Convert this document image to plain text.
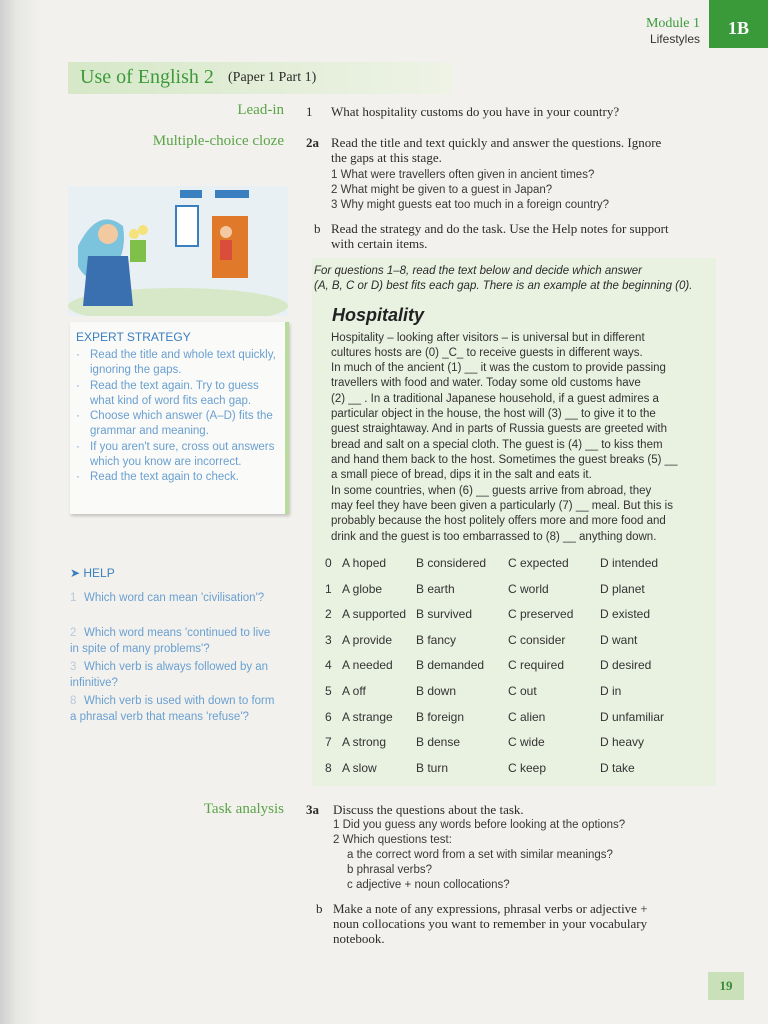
Module 1
Lifestyles
1B
Use of English 2 (Paper 1 Part 1)
Lead-in 1 What hospitality customs do you have in your country?
Multiple-choice cloze 2a Read the title and text quickly and answer the questions. Ignore
the gaps at this stage.
1 What were travellers often given in ancient times?
2 What might be given to a guest in Japan?
3 Why might guests eat too much in a foreign country?
b Read the strategy and do the task. Use the Help notes for support
with certain items.
EXPERT STRATEGY
· Read the title and whole text quickly, ignoring the gaps.
· Read the text again. Try to guess what kind of word fits each gap.
· Choose which answer (A–D) fits the grammar and meaning.
· If you aren't sure, cross out answers which you know are incorrect.
· Read the text again to check.
➤ HELP
1 Which word can mean 'civilisation'?
2 Which word means 'continued to live in spite of many problems'?
3 Which verb is always followed by an infinitive?
8 Which verb is used with down to form a phrasal verb that means 'refuse'?
For questions 1–8, read the text below and decide which answer
(A, B, C or D) best fits each gap. There is an example at the beginning (0).
Hospitality
Hospitality – looking after visitors – is universal but in different
cultures hosts are (0) _C_ to receive guests in different ways.
In much of the ancient (1) __ it was the custom to provide passing
travellers with food and water. Today some old customs have
(2) __ . In a traditional Japanese household, if a guest admires a
particular object in the house, the host will (3) __ to give it to the
guest straightaway. And in parts of Russia guests are greeted with
bread and salt on a special cloth. The guest is (4) __ to kiss them
and hand them back to the host. Sometimes the guest breaks (5) __
a small piece of bread, dips it in the salt and eats it.
In some countries, when (6) __ guests arrive from abroad, they
may feel they have been given a particularly (7) __ meal. But this is
probably because the host politely offers more and more food and
drink and the guest is too embarrassed to (8) __ anything down.
0 A hoped B considered C expected	D intended
1 A globe	B earth	C world	D planet
2 A supported B survived	C preserved D existed
3 A provide B fancy	C consider	D want
4 A needed B demanded C required	D desired
5 A off	B down	C out	D in
6 A strange B foreign	C alien	D unfamiliar
7 A strong B dense	C wide	D heavy
8 A slow	B turn	C keep	D take
Task analysis 3a Discuss the questions about the task.
1 Did you guess any words before looking at the options?
2 Which questions test:
a the correct word from a set with similar meanings?
b phrasal verbs?
c adjective + noun collocations?
b Make a note of any expressions, phrasal verbs or adjective +
noun collocations you want to remember in your vocabulary
notebook.
19
